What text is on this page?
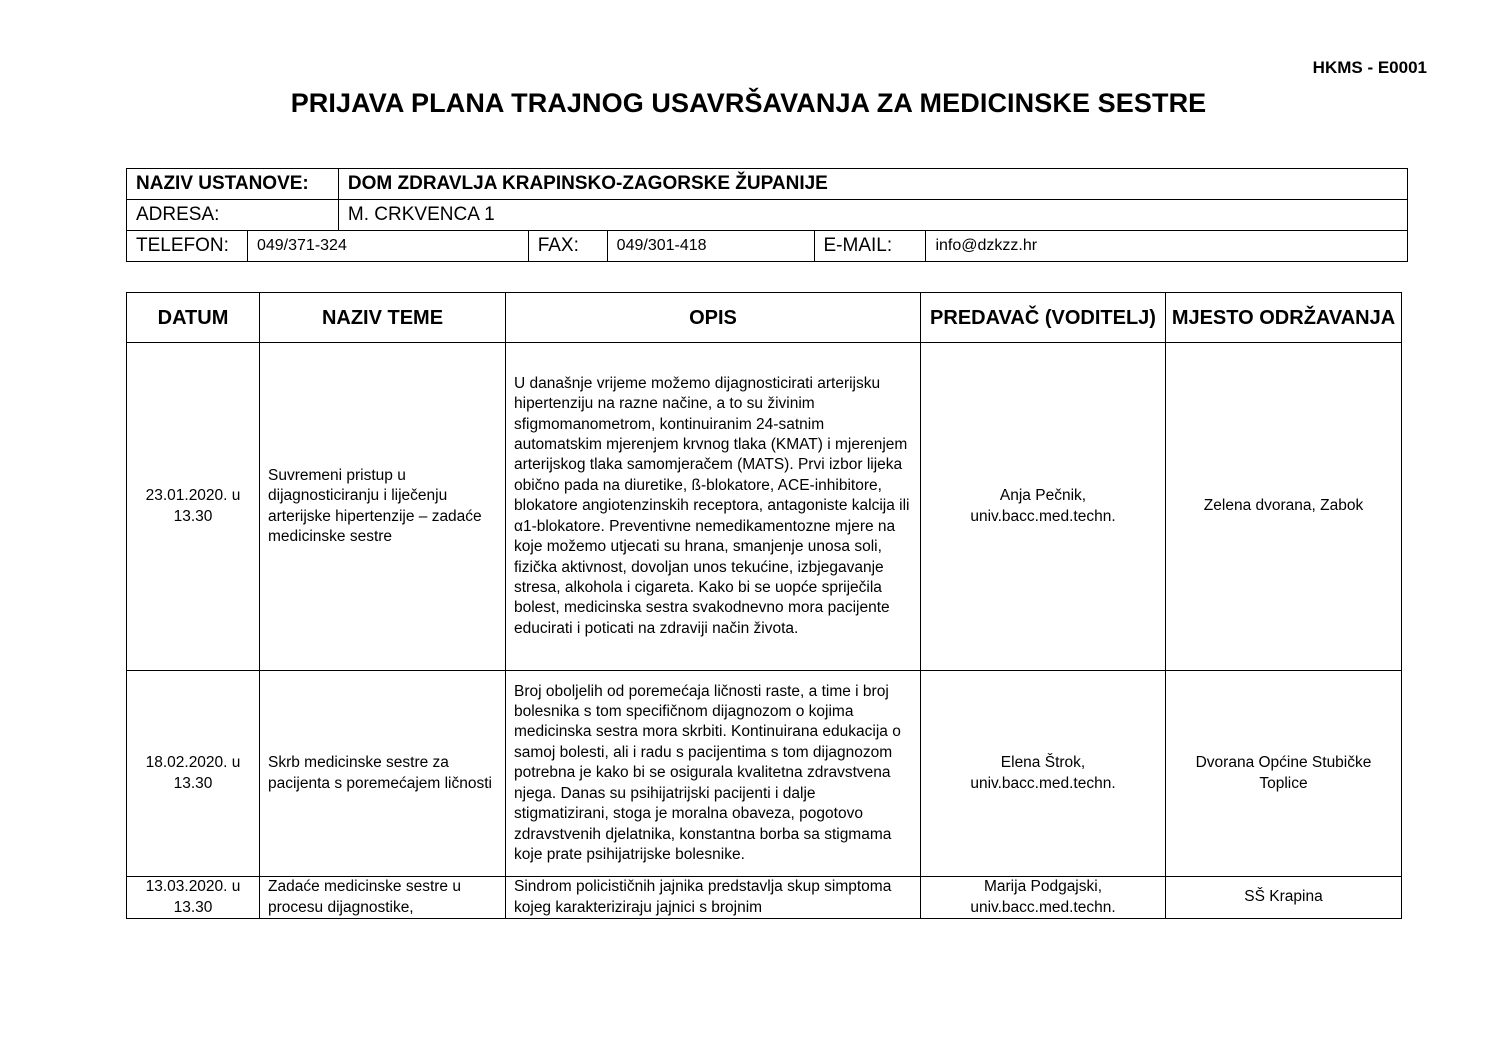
HKMS - E0001
PRIJAVA PLANA TRAJNOG USAVRŠAVANJA ZA MEDICINSKE SESTRE
NAZIV USTANOVE:		DOM ZDRAVLJA KRAPINSKO-ZAGORSKE ŽUPANIJE				
ADRESA:		M. CRKVENCA 1				
TELEFON:	049/371-324		FAX:	049/301-418	E-MAIL:	info@dzkzz.hr
DATUM	NAZIV TEME	OPIS	PREDAVAČ (VODITELJ)	MJESTO ODRŽAVANJA
23.01.2020. u 13.30	Suvremeni pristup u dijagnosticiranju i liječenju arterijske hipertenzije – zadaće medicinske sestre	U današnje vrijeme možemo dijagnosticirati arterijsku hipertenziju na razne načine, a to su živinim sfigmomanometrom, kontinuiranim 24-satnim automatskim mjerenjem krvnog tlaka (KMAT) i mjerenjem arterijskog tlaka samomjeračem (MATS). Prvi izbor lijeka obično pada na diuretike, ß-blokatore, ACE-inhibitore, blokatore angiotenzinskih receptora, antagoniste kalcija ili α1-blokatore. Preventivne nemedikamentozne mjere na koje možemo utjecati su hrana, smanjenje unosa soli, fizička aktivnost, dovoljan unos tekućine, izbjegavanje stresa, alkohola i cigareta. Kako bi se uopće spriječila bolest, medicinska sestra svakodnevno mora pacijente educirati i poticati na zdraviji način života.	Anja Pečnik, univ.bacc.med.techn.	Zelena dvorana, Zabok
18.02.2020. u 13.30	Skrb medicinske sestre za pacijenta s poremećajem ličnosti	Broj oboljelih od poremećaja ličnosti raste, a time i broj bolesnika s tom specifičnom dijagnozom o kojima medicinska sestra mora skrbiti. Kontinuirana edukacija o samoj bolesti, ali i radu s pacijentima s tom dijagnozom potrebna je kako bi se osigurala kvalitetna zdravstvena njega. Danas su psihijatrijski pacijenti i dalje stigmatizirani, stoga je moralna obaveza, pogotovo zdravstvenih djelatnika, konstantna borba sa stigmama koje prate psihijatrijske bolesnike.	Elena Štrok, univ.bacc.med.techn.	Dvorana Općine Stubičke Toplice
13.03.2020. u 13.30	Zadaće medicinske sestre u procesu dijagnostike,	Sindrom policističnih jajnika predstavlja skup simptoma kojeg karakteriziraju jajnici s brojnim	Marija Podgajski, univ.bacc.med.techn.	SŠ Krapina
